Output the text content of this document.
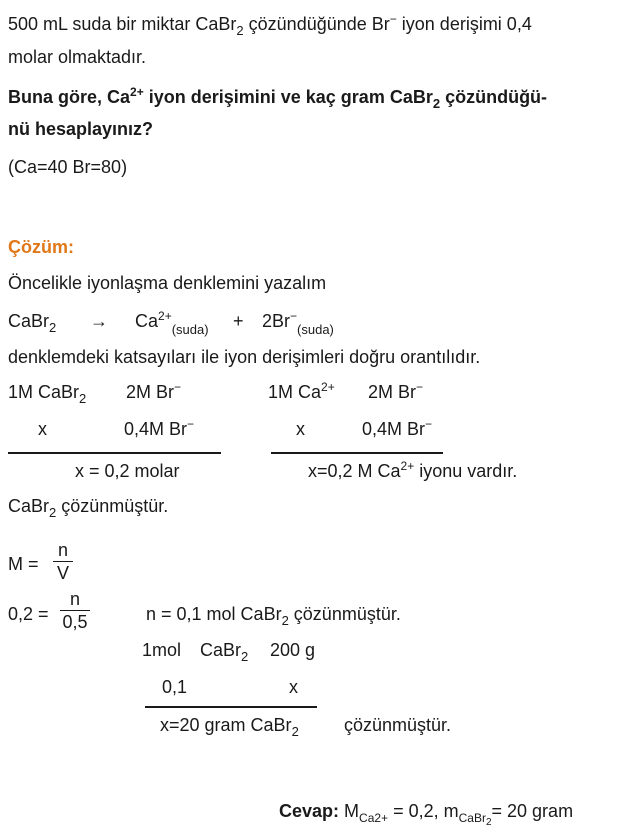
500 mL suda bir miktar CaBr$_2$ çözündüğünde Br− iyon derişimi 0,4
molar olmaktadır.
Buna göre, $Ca^{2+}$ iyon derişimini ve kaç gram CaBr$_2$ çözündüğü-
nü hesaplayınız?
(Ca=40 Br=80)
Çözüm:
Öncelikle iyonlaşma denklemini yazalım
CaBr$_2$ → $Ca^{2+}_{(suda)} + 2Br^-_{(suda)}$
denklemdeki katsayıları ile iyon derişimleri doğru orantılıdır.
1M CaBr$_2$ 2M Br−
x	0,4M Br−
x = 0,2 molar
1M $Ca^{2+}$ 2M Br−
x	0,4M Br−
x=0,2 M $Ca^{2+}$ iyonu vardır.
CaBr$_2$ çözünmüştür.
M =
n
V
0,2 =
n
0,5	n = 0,1 mol CaBr$_2$ çözünmüştür.
1mol CaBr$_2$ 200 g
0,1	x
x=20 gram CaBr$_2$	çözünmüştür.
Cevap: $M_{Ca2+} = 0,2$, $m_{CaBr_2}= 20$ gram
